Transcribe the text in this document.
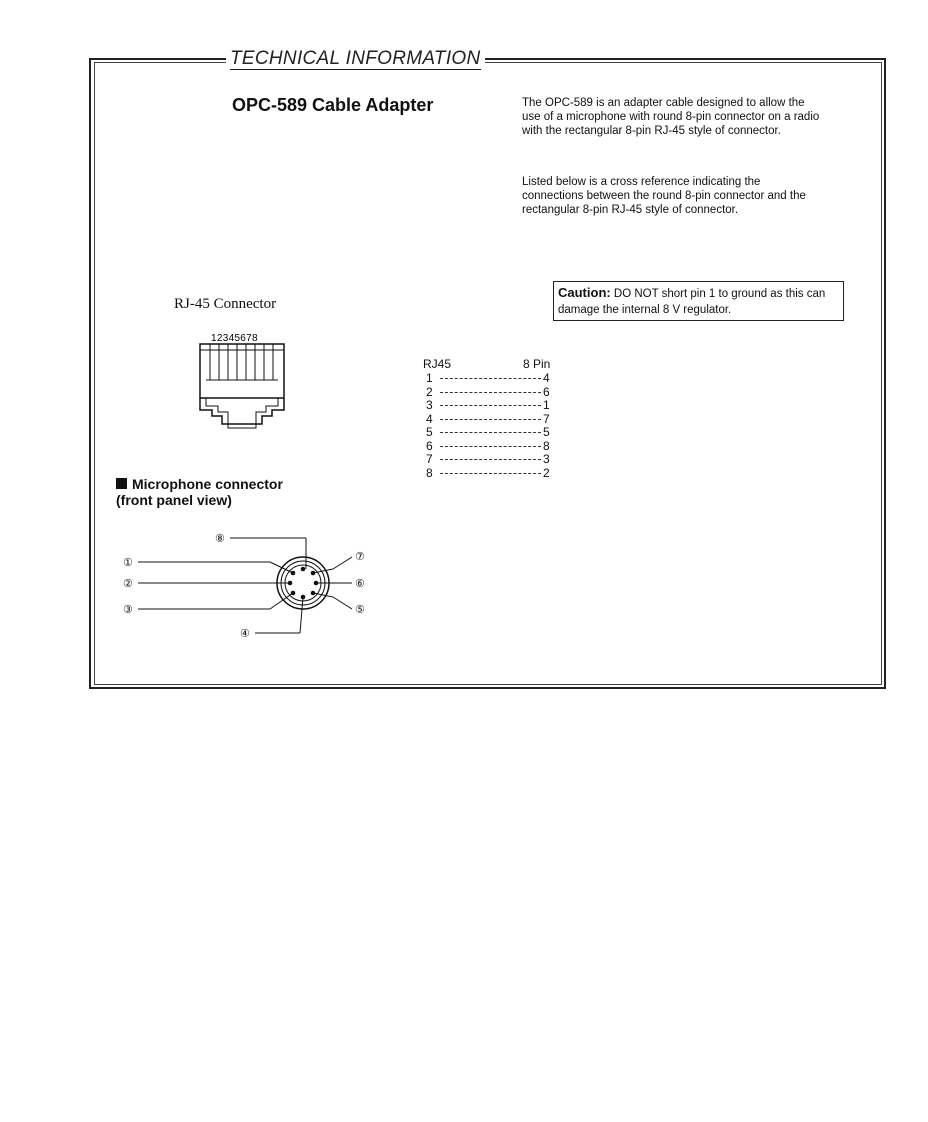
TECHNICAL INFORMATION
OPC-589 Cable Adapter	The OPC-589 is an adapter cable designed to allow the use of a microphone with round 8-pin connector on a radio with the rectangular 8-pin RJ-45 style of connector.

Listed below is a cross reference indicating the connections between the round 8-pin connector and the rectangular 8-pin RJ-45 style of connector.

Caution: DO NOT short pin 1 to ground as this can damage the internal 8 V regulator.
RJ-45 Connector
12345678
Microphone connector
(front panel view)
①
②
③
④
⑤
⑥
⑦
⑧
RJ45	8 Pin
1	4
2	6
3	1
4	7
5	5
6	8
7	3
8	2
